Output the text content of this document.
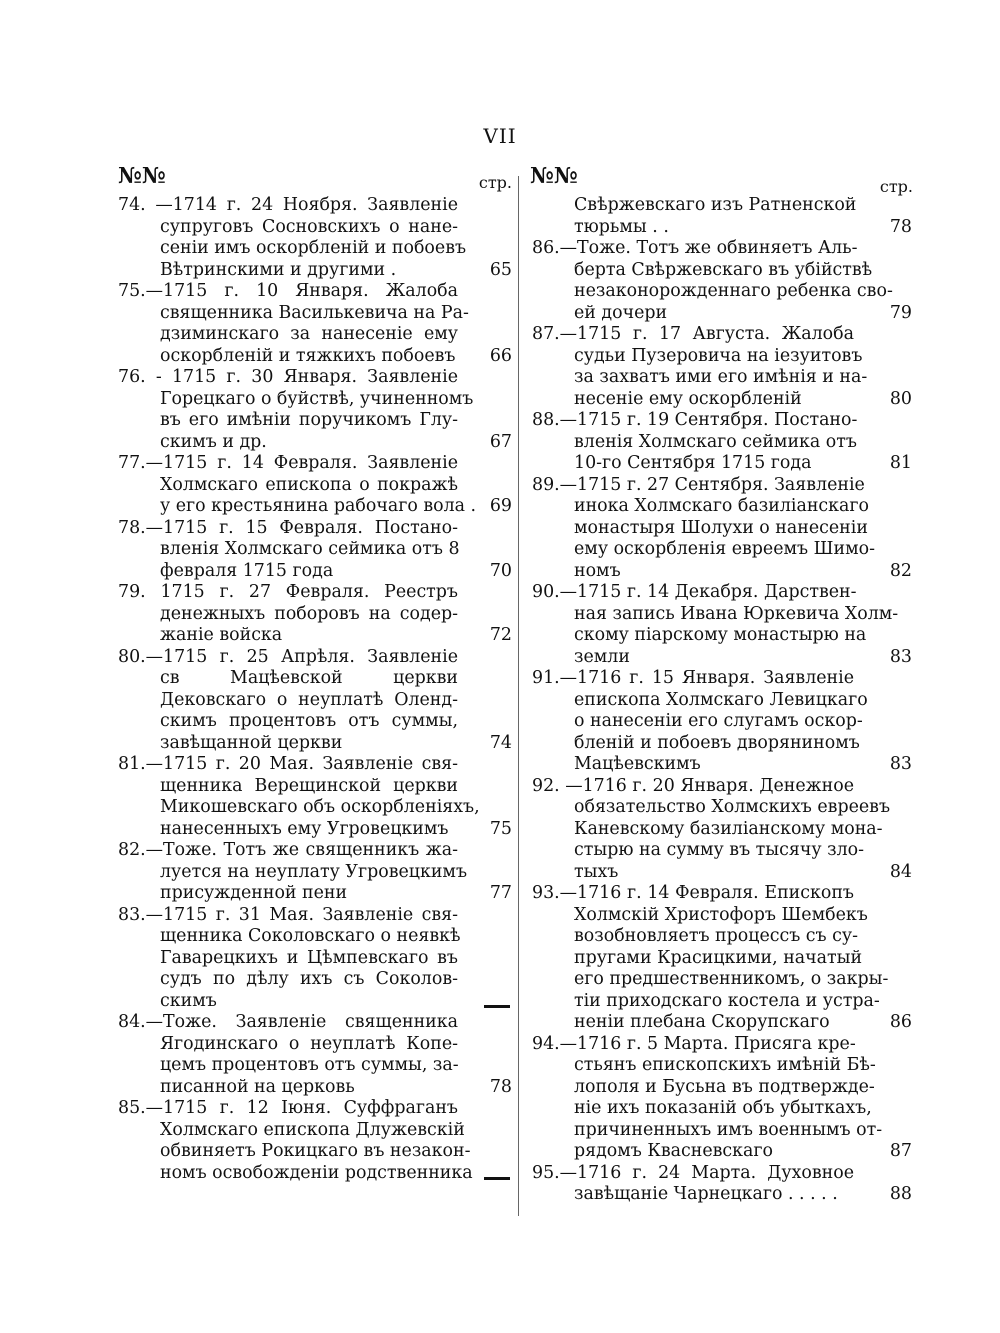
VII
№№	стр.
74. —1714 г. 24 Ноября. Заявленіе
супруговъ Сосновскихъ о нане-
сеніи имъ оскорбленій и побоевъ
Вѣтринскими и другими .	65
75.—1715 г. 10 Января. Жалоба
священника Василькевича на Ра-
дзиминскаго за нанесеніе ему
оскорбленій и тяжкихъ побоевъ 66
76. - 1715 г. 30 Января. Заявленіе
Горецкаго о буйствѣ, учиненномъ
въ его имѣніи поручикомъ Глу-
скимъ и др.	67
77.—1715 г. 14 Февраля. Заявленіе
Холмскаго епископа о покражѣ
у его крестьянина рабочаго вола . 69
78.—1715 г. 15 Февраля. Постано-
вленія Холмскаго сеймика отъ 8
февраля 1715 года	70
79. 1715 г. 27 Февраля. Реестръ
денежныхъ поборовъ на содер-
жаніе войска	72
80.—1715 г. 25 Апрѣля. Заявленіе
св Мацѣевской церкви
Дековскаго о неуплатѣ Оленд-
скимъ процентовъ отъ суммы,
завѣщанной церкви	74
81.—1715 г. 20 Мая. Заявленіе свя-
щенника Верещинской церкви
Микошевскаго объ оскорбленіяхъ,
нанесенныхъ ему Угровецкимъ	75
82.—Тоже. Тотъ же священникъ жа-
луется на неуплату Угровецкимъ
присужденной пени	77
83.—1715 г. 31 Мая. Заявленіе свя-
щенника Соколовскаго о неявкѣ
Гаварецкихъ и Цѣмпевскаго въ
судъ по дѣлу ихъ съ Соколов-
скимъ
84.—Тоже. Заявленіе священника
Ягодинскаго о неуплатѣ Копе-
цемъ процентовъ отъ суммы, за-
писанной на церковь	78
85.—1715 г. 12 Іюня. Суффраганъ
Холмскаго епископа Длужевскій
обвиняетъ Рокицкаго въ незакон-
номъ освобожденіи родственника
№№	стр.
Свѣржевскаго изъ Ратненской
тюрьмы . .	78
86.—Тоже. Тотъ же обвиняетъ Аль-
берта Свѣржевскаго въ убійствѣ
незаконорожденнаго ребенка сво-
ей дочери	79
87.—1715 г. 17 Августа. Жалоба
судьи Пузеровича на іезуитовъ
за захватъ ими его имѣнія и на-
несеніе ему оскорбленій	80
88.—1715 г. 19 Сентября. Постано-
вленія Холмскаго сеймика отъ
10-го Сентября 1715 года	81
89.—1715 г. 27 Сентября. Заявленіе
инока Холмскаго базиліанскаго
монастыря Шолухи о нанесеніи
ему оскорбленія евреемъ Шимо-
номъ	82
90.—1715 г. 14 Декабря. Дарствен-
ная запись Ивана Юркевича Холм-
скому піарскому монастырю на
земли	83
91.—1716 г. 15 Января. Заявленіе
епископа Холмскаго Левицкаго
о нанесеніи его слугамъ оскор-
бленій и побоевъ дворяниномъ
Мацѣевскимъ	83
92. —1716 г. 20 Января. Денежное
обязательство Холмскихъ евреевъ
Каневскому базиліанскому мона-
стырю на сумму въ тысячу зло-
тыхъ	84
93.—1716 г. 14 Февраля. Епископъ
Холмскій Христофоръ Шембекъ
возобновляетъ процессъ съ су-
пругами Красицкими, начатый
его предшественникомъ, о закры-
тіи приходскаго костела и устра-
неніи плебана Скорупскаго	86
94.—1716 г. 5 Марта. Присяга кре-
стьянъ епископскихъ имѣній Бѣ-
лополя и Бусьна въ подтвержде-
ніе ихъ показаній объ убыткахъ,
причиненныхъ имъ военнымъ от-
рядомъ Квасневскаго	87
95.—1716 г. 24 Марта. Духовное
завѣщаніе Чарнецкаго . . . . .	88
